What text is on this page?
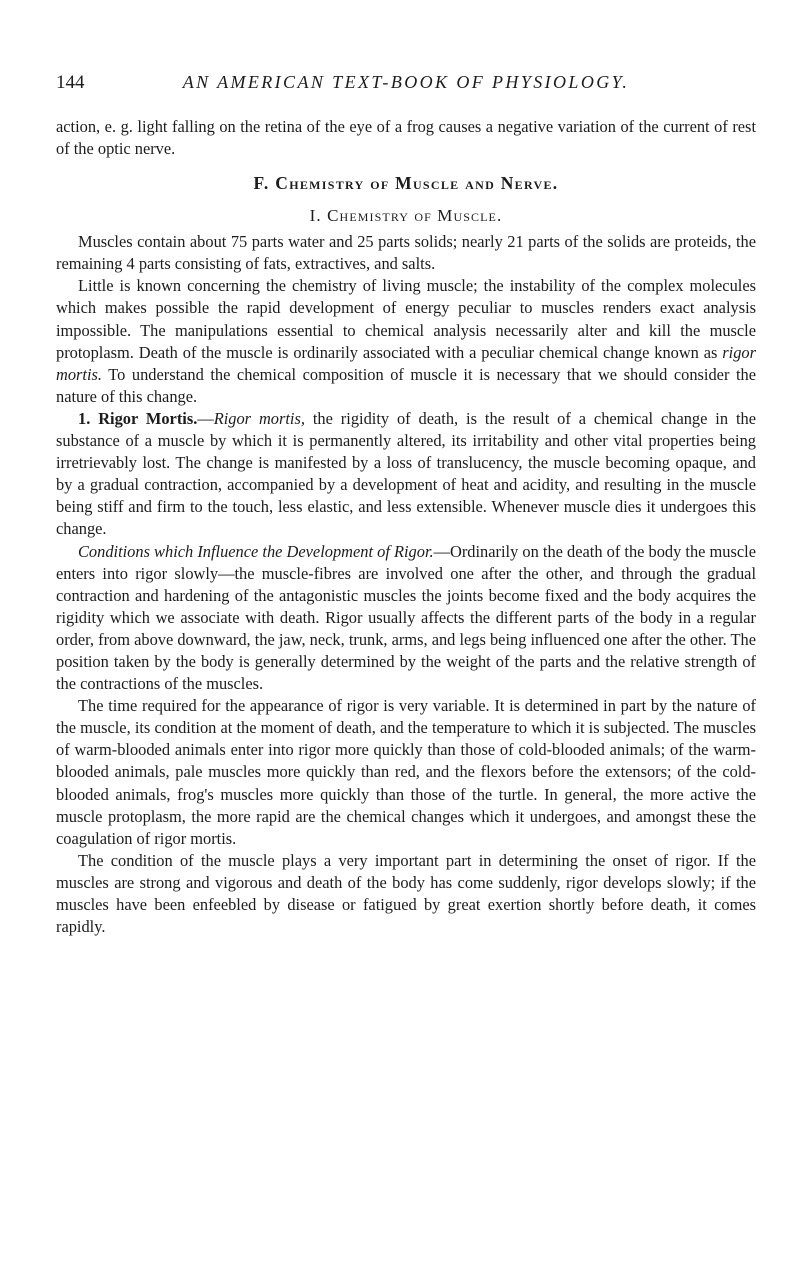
144	AN AMERICAN TEXT-BOOK OF PHYSIOLOGY.

action, e. g. light falling on the retina of the eye of a frog causes a negative variation of the current of rest of the optic nerve.

F. Chemistry of Muscle and Nerve.
I. Chemistry of Muscle.

Muscles contain about 75 parts water and 25 parts solids; nearly 21 parts of the solids are proteids, the remaining 4 parts consisting of fats, extractives, and salts.

Little is known concerning the chemistry of living muscle; the instability of the complex molecules which makes possible the rapid development of energy peculiar to muscles renders exact analysis impossible. The manipulations essential to chemical analysis necessarily alter and kill the muscle protoplasm. Death of the muscle is ordinarily associated with a peculiar chemical change known as rigor mortis. To understand the chemical composition of muscle it is necessary that we should consider the nature of this change.

1. Rigor Mortis.—Rigor mortis, the rigidity of death, is the result of a chemical change in the substance of a muscle by which it is permanently altered, its irritability and other vital properties being irretrievably lost. The change is manifested by a loss of translucency, the muscle becoming opaque, and by a gradual contraction, accompanied by a development of heat and acidity, and resulting in the muscle being stiff and firm to the touch, less elastic, and less extensible. Whenever muscle dies it undergoes this change.

Conditions which Influence the Development of Rigor.—Ordinarily on the death of the body the muscle enters into rigor slowly—the muscle-fibres are involved one after the other, and through the gradual contraction and hardening of the antagonistic muscles the joints become fixed and the body acquires the rigidity which we associate with death. Rigor usually affects the different parts of the body in a regular order, from above downward, the jaw, neck, trunk, arms, and legs being influenced one after the other. The position taken by the body is generally determined by the weight of the parts and the relative strength of the contractions of the muscles.

The time required for the appearance of rigor is very variable. It is determined in part by the nature of the muscle, its condition at the moment of death, and the temperature to which it is subjected. The muscles of warm-blooded animals enter into rigor more quickly than those of cold-blooded animals; of the warm-blooded animals, pale muscles more quickly than red, and the flexors before the extensors; of the cold-blooded animals, frog's muscles more quickly than those of the turtle. In general, the more active the muscle protoplasm, the more rapid are the chemical changes which it undergoes, and amongst these the coagulation of rigor mortis.

The condition of the muscle plays a very important part in determining the onset of rigor. If the muscles are strong and vigorous and death of the body has come suddenly, rigor develops slowly; if the muscles have been enfeebled by disease or fatigued by great exertion shortly before death, it comes rapidly.
